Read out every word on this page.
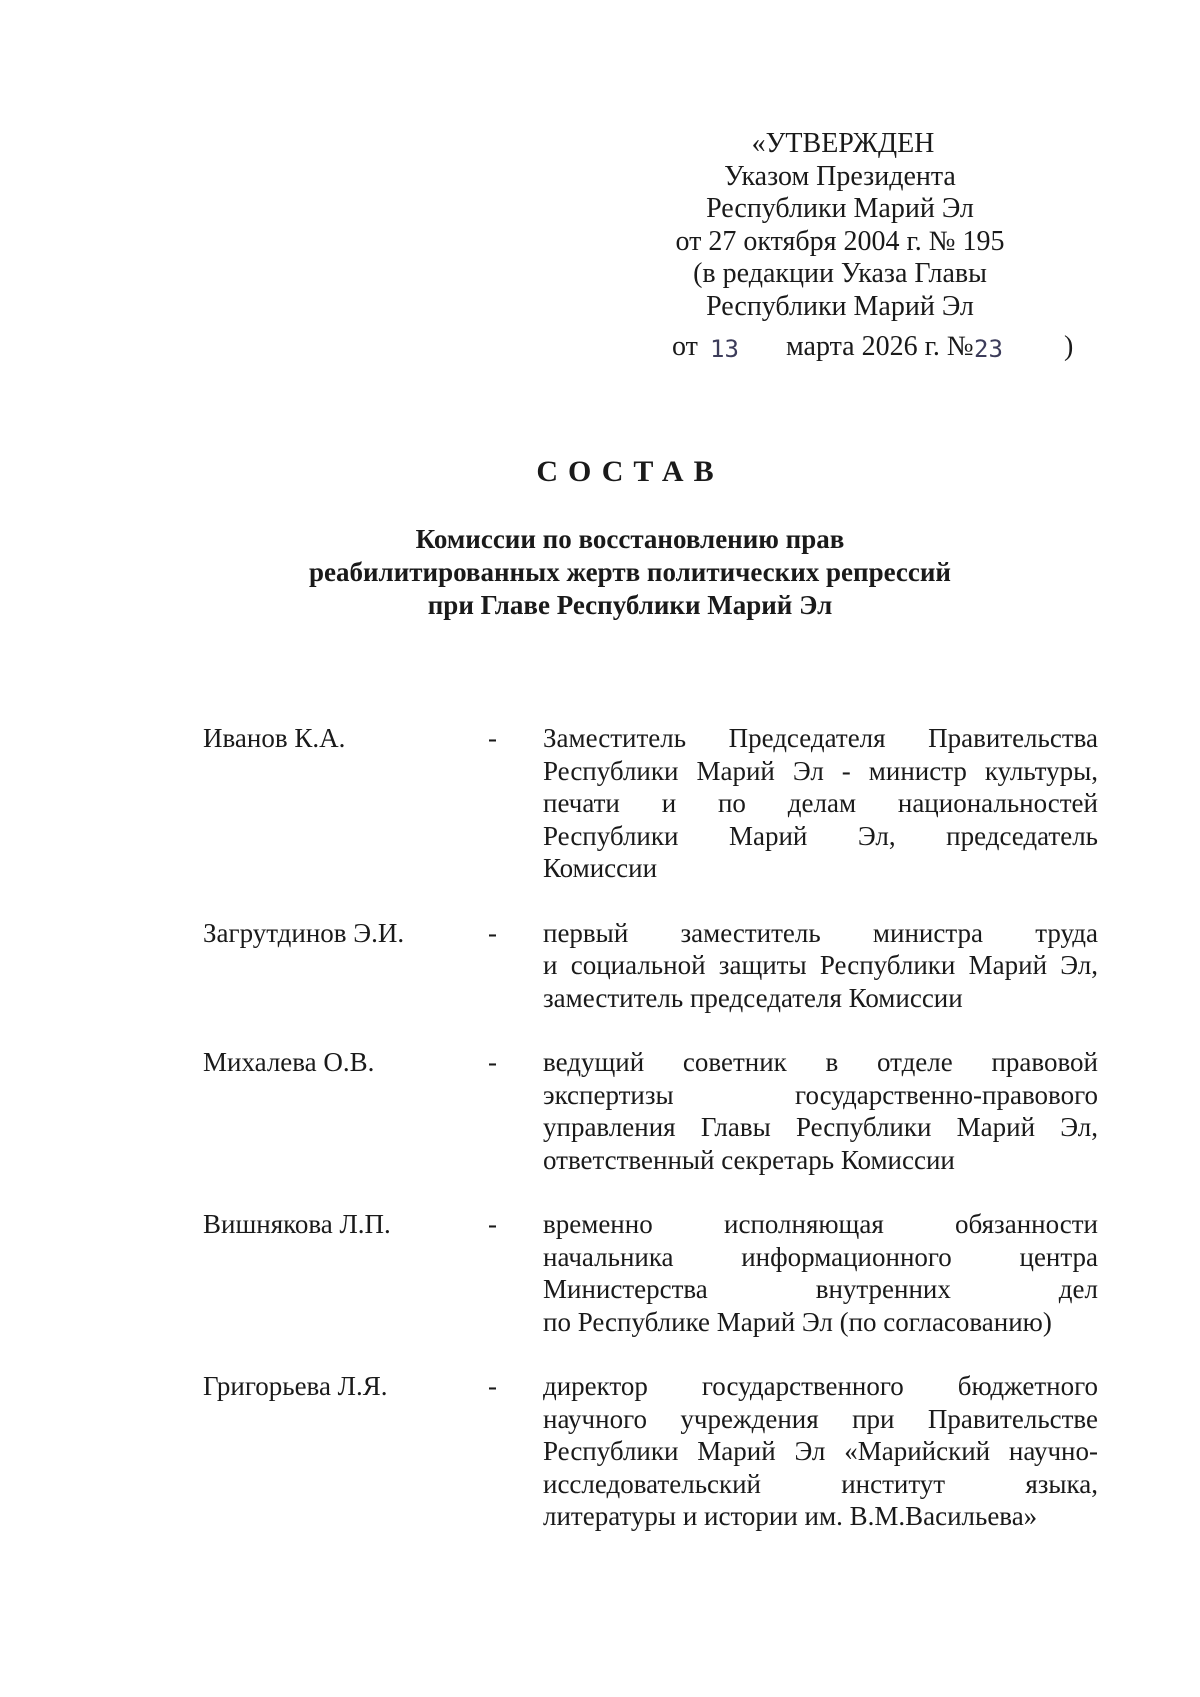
«УТВЕРЖДЕН
Указом Президента
Республики Марий Эл
от 27 октября 2004 г. № 195
(в редакции Указа Главы
Республики Марий Эл
от 13 марта 2026 г. № 23 )
СОСТАВ
Комиссии по восстановлению прав
реабилитированных жертв политических репрессий
при Главе Республики Марий Эл
Иванов К.А.	-	Заместитель Председателя Правительства
Республики Марий Эл - министр культуры,
печати и по делам национальностей
Республики Марий Эл, председатель
Комиссии
Загрутдинов Э.И.	-	первый заместитель министра труда
и социальной защиты Республики Марий Эл,
заместитель председателя Комиссии
Михалева О.В.	-	ведущий советник в отделе правовой
экспертизы государственно-правового
управления Главы Республики Марий Эл,
ответственный секретарь Комиссии
Вишнякова Л.П.	-	временно исполняющая обязанности
начальника информационного центра
Министерства внутренних дел
по Республике Марий Эл (по согласованию)
Григорьева Л.Я.	-	директор государственного бюджетного
научного учреждения при Правительстве
Республики Марий Эл «Марийский научно-
исследовательский институт языка,
литературы и истории им. В.М.Васильева»
